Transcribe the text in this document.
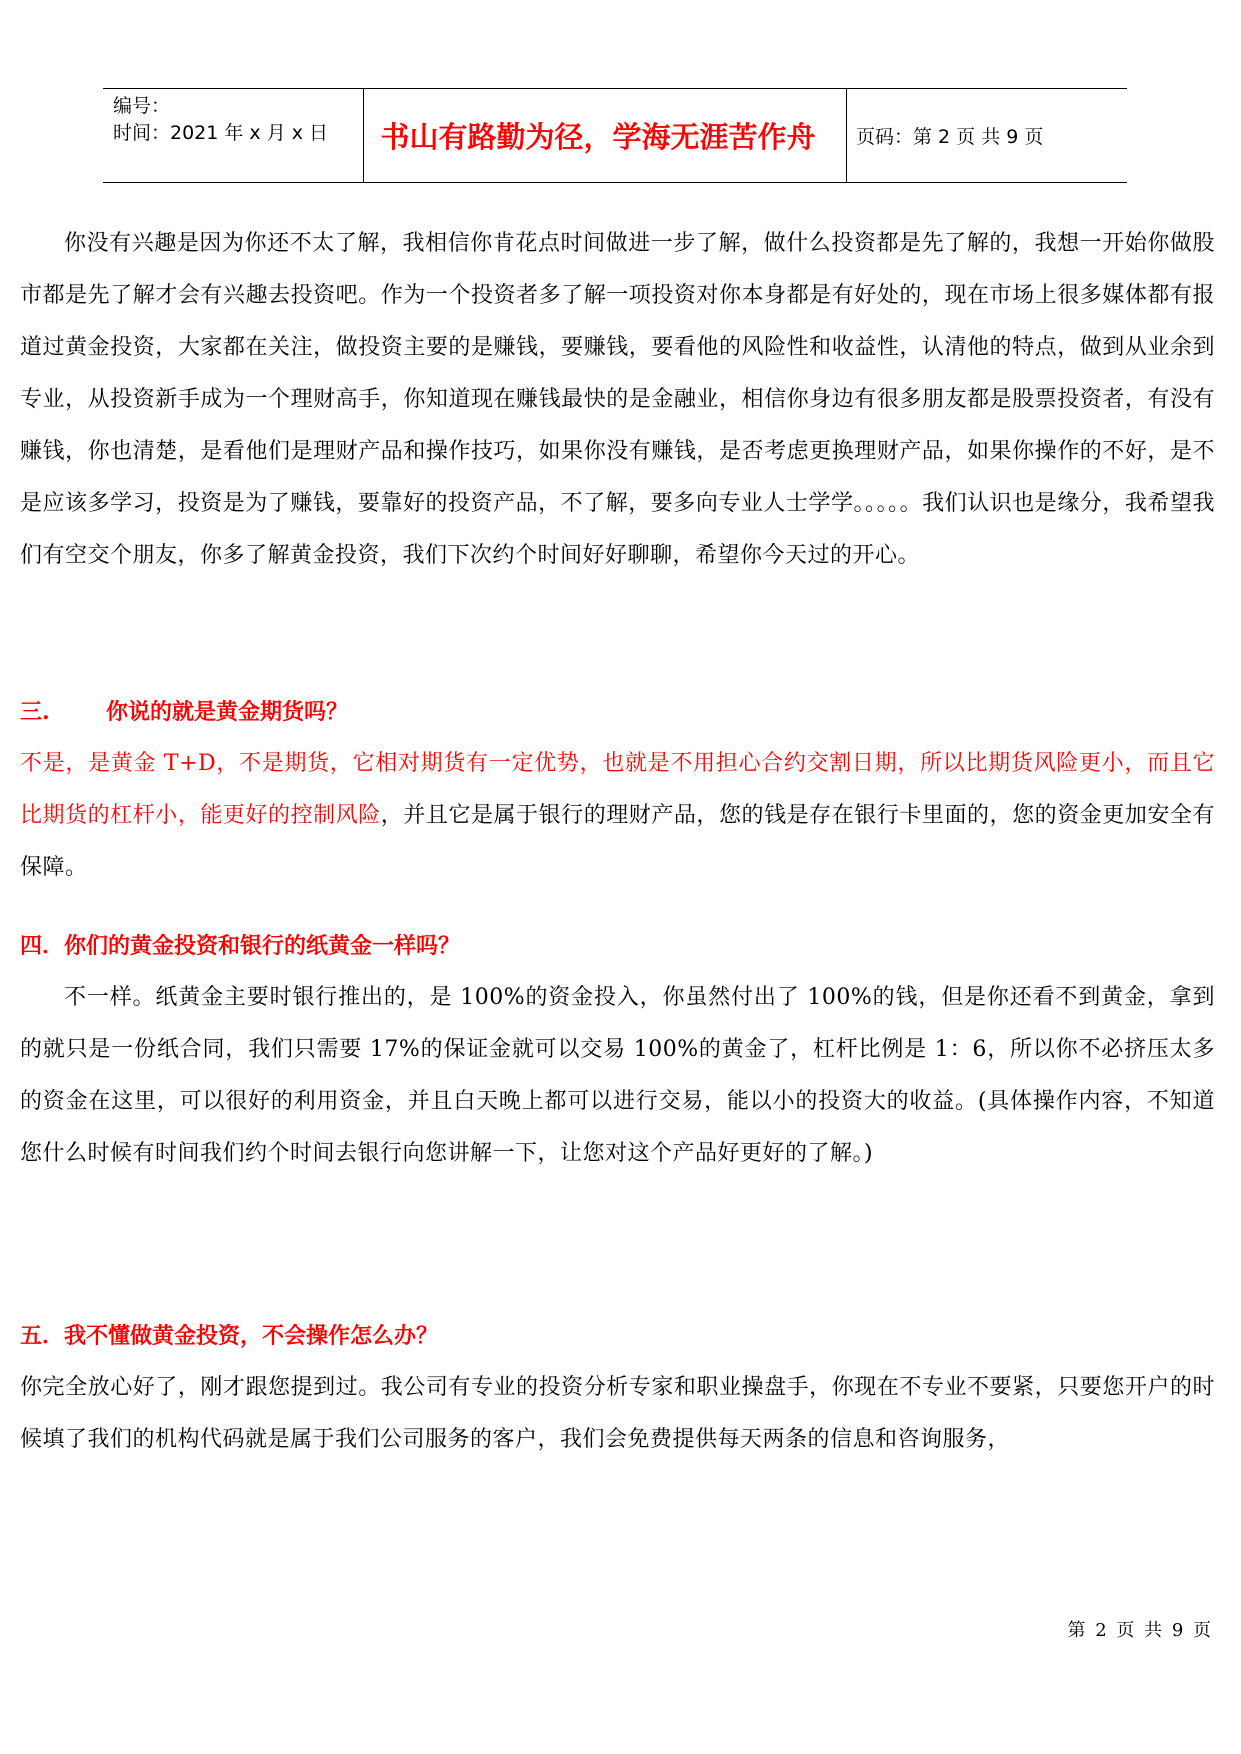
编号：
时间：2021 年 x 月 x 日	书山有路勤为径，学海无涯苦作舟	页码：第 2 页 共 9 页

你没有兴趣是因为你还不太了解，我相信你肯花点时间做进一步了解，做什么投资都是先了解的，我想一开始你做股市都是先了解才会有兴趣去投资吧。作为一个投资者多了解一项投资对你本身都是有好处的，现在市场上很多媒体都有报道过黄金投资，大家都在关注，做投资主要的是赚钱，要赚钱，要看他的风险性和收益性，认清他的特点，做到从业余到专业，从投资新手成为一个理财高手，你知道现在赚钱最快的是金融业，相信你身边有很多朋友都是股票投资者，有没有赚钱，你也清楚，是看他们是理财产品和操作技巧，如果你没有赚钱，是否考虑更换理财产品，如果你操作的不好，是不是应该多学习，投资是为了赚钱，要靠好的投资产品，不了解，要多向专业人士学学。。。。。我们认识也是缘分，我希望我们有空交个朋友，你多了解黄金投资，我们下次约个时间好好聊聊，希望你今天过的开心。

三.	你说的就是黄金期货吗？

不是，是黄金 T+D，不是期货，它相对期货有一定优势，也就是不用担心合约交割日期，所以比期货风险更小，而且它比期货的杠杆小，能更好的控制风险，并且它是属于银行的理财产品，您的钱是存在银行卡里面的，您的资金更加安全有保障。

四．你们的黄金投资和银行的纸黄金一样吗？

不一样。纸黄金主要时银行推出的，是 100%的资金投入，你虽然付出了 100%的钱，但是你还看不到黄金，拿到的就只是一份纸合同，我们只需要 17%的保证金就可以交易 100%的黄金了，杠杆比例是 1：6，所以你不必挤压太多的资金在这里，可以很好的利用资金，并且白天晚上都可以进行交易，能以小的投资大的收益。(具体操作内容，不知道您什么时候有时间我们约个时间去银行向您讲解一下，让您对这个产品好更好的了解。)

五．我不懂做黄金投资，不会操作怎么办？

你完全放心好了，刚才跟您提到过。我公司有专业的投资分析专家和职业操盘手，你现在不专业不要紧，只要您开户的时候填了我们的机构代码就是属于我们公司服务的客户，我们会免费提供每天两条的信息和咨询服务，

第 2 页 共 9 页
